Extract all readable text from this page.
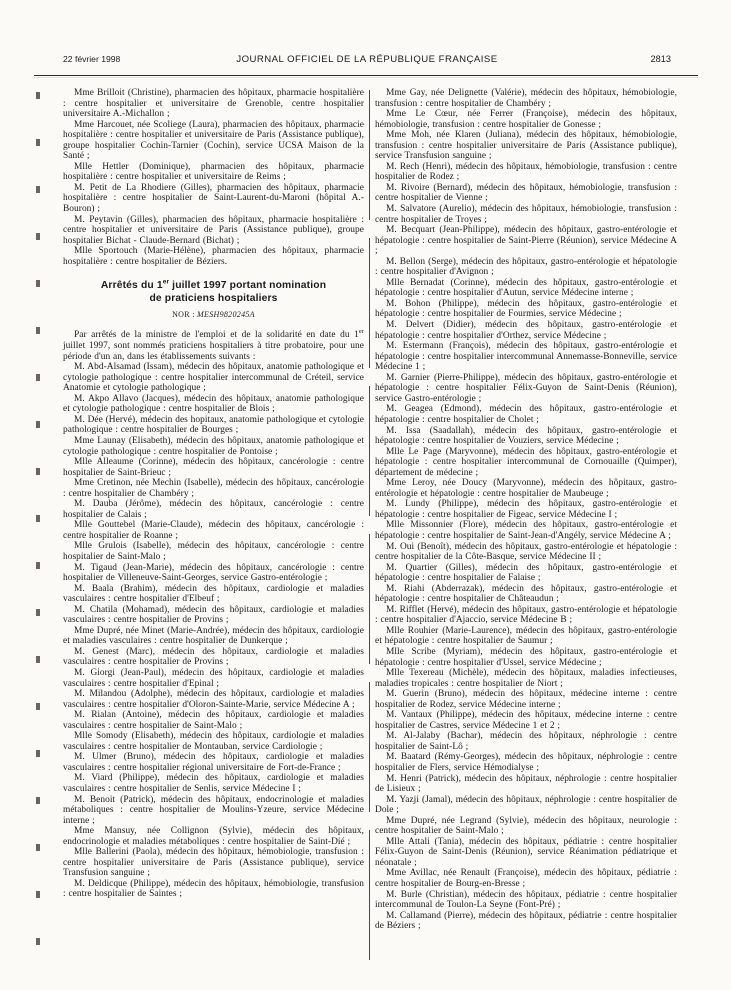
22 février 1998	JOURNAL OFFICIEL DE LA RÉPUBLIQUE FRANÇAISE	2813

Mme Brilloit (Christine), pharmacien des hôpitaux, pharmacie hospitalière : centre hospitalier et universitaire de Grenoble, centre hospitalier universitaire A.-Michallon ;

Mme Harcouet, née Scoliege (Laura), pharmacien des hôpitaux, pharmacie hospitalière : centre hospitalier et universitaire de Paris (Assistance publique), groupe hospitalier Cochin-Tarnier (Cochin), service UCSA Maison de la Santé ;

Mlle Hettler (Dominique), pharmacien des hôpitaux, pharmacie hospitalière : centre hospitalier et universitaire de Reims ;

M. Petit de La Rhodiere (Gilles), pharmacien des hôpitaux, pharmacie hospitalière : centre hospitalier de Saint-Laurent-du-Maroni (hôpital A.-Bouron) ;

M. Peytavin (Gilles), pharmacien des hôpitaux, pharmacie hospitalière : centre hospitalier et universitaire de Paris (Assistance publique), groupe hospitalier Bichat - Claude-Bernard (Bichat) ;

Mlle Sportouch (Marie-Hélène), pharmacien des hôpitaux, pharmacie hospitalière : centre hospitalier de Béziers.

Arrêtés du 1er juillet 1997 portant nomination
de praticiens hospitaliers

NOR : MESH9820245A

Par arrêtés de la ministre de l'emploi et de la solidarité en date du 1er juillet 1997, sont nommés praticiens hospitaliers à titre probatoire, pour une période d'un an, dans les établissements suivants :

M. Abd-Alsamad (Issam), médecin des hôpitaux, anatomie pathologique et cytologie pathologique : centre hospitalier intercommunal de Créteil, service Anatomie et cytologie pathologique ;

M. Akpo Allavo (Jacques), médecin des hôpitaux, anatomie pathologique et cytologie pathologique : centre hospitalier de Blois ;

M. Dée (Hervé), médecin des hopitaux, anatomie pathologique et cytologie pathologique : centre hospitalier de Bourges ;

Mme Launay (Elisabeth), médecin des hôpitaux, anatomie pathologique et cytologie pathologique : centre hospitalier de Pontoise ;

Mlle Alleaume (Corinne), médecin des hôpitaux, cancérologie : centre hospitalier de Saint-Brieuc ;

Mme Cretinon, née Mechin (Isabelle), médecin des hôpitaux, cancérologie : centre hospitalier de Chambéry ;

M. Dauba (Jérôme), médecin des hôpitaux, cancérologie : centre hospitalier de Calais ;

Mlle Gouttebel (Marie-Claude), médecin des hôpitaux, cancérologie : centre hospitalier de Roanne ;

Mlle Grulois (Isabelle), médecin des hôpitaux, cancérologie : centre hospitalier de Saint-Malo ;

M. Tigaud (Jean-Marie), médecin des hôpitaux, cancérologie : centre hospitalier de Villeneuve-Saint-Georges, service Gastro-entérologie ;

M. Baala (Brahim), médecin des hôpitaux, cardiologie et maladies vasculaires : centre hospitalier d'Elbeuf ;

M. Chatila (Mohamad), médecin des hôpitaux, cardiologie et maladies vasculaires : centre hospitalier de Provins ;

Mme Dupré, née Minet (Marie-Andrée), médecin des hôpitaux, cardiologie et maladies vasculaires : centre hospitalier de Dunkerque ;

M. Genest (Marc), médecin des hôpitaux, cardiologie et maladies vasculaires : centre hospitalier de Provins ;

M. Giorgi (Jean-Paul), médecin des hôpitaux, cardiologie et maladies vasculaires : centre hospitalier d'Epinal ;

M. Milandou (Adolphe), médecin des hôpitaux, cardiologie et maladies vasculaires : centre hospitalier d'Oloron-Sainte-Marie, service Médecine A ;

M. Rialan (Antoine), médecin des hôpitaux, cardiologie et maladies vasculaires : centre hospitalier de Saint-Malo ;

Mlle Somody (Elisabeth), médecin des hôpitaux, cardiologie et maladies vasculaires : centre hospitalier de Montauban, service Cardiologie ;

M. Ulmer (Bruno), médecin des hôpitaux, cardiologie et maladies vasculaires : centre hospitalier régional universitaire de Fort-de-France ;

M. Viard (Philippe), médecin des hôpitaux, cardiologie et maladies vasculaires : centre hospitalier de Senlis, service Médecine I ;

M. Benoit (Patrick), médecin des hôpitaux, endocrinologie et maladies métaboliques : centre hospitalier de Moulins-Yzeure, service Médecine interne ;

Mme Mansuy, née Collignon (Sylvie), médecin des hôpitaux, endocrinologie et maladies métaboliques : centre hospitalier de Saint-Dié ;

Mlle Ballerini (Paola), médecin des hôpitaux, hémobiologie, transfusion : centre hospitalier universitaire de Paris (Assistance publique), service Transfusion sanguine ;

M. Deldicque (Philippe), médecin des hôpitaux, hémobiologie, transfusion : centre hospitalier de Saintes ;

Mme Gay, née Delignette (Valérie), médecin des hôpitaux, hémobiologie, transfusion : centre hospitalier de Chambéry ;

Mme Le Cœur, née Ferrer (Françoise), médecin des hôpitaux, hémobiologie, transfusion : centre hospitalier de Gonesse ;

Mme Moh, née Klaren (Juliana), médecin des hôpitaux, hémobiologie, transfusion : centre hospitalier universitaire de Paris (Assistance publique), service Transfusion sanguine ;

M. Rech (Henri), médecin des hôpitaux, hémobiologie, transfusion : centre hospitalier de Rodez ;

M. Rivoire (Bernard), médecin des hôpitaux, hémobiologie, transfusion : centre hospitalier de Vienne ;

M. Salvatore (Aurelio), médecin des hôpitaux, hémobiologie, transfusion : centre hospitalier de Troyes ;

M. Becquart (Jean-Philippe), médecin des hôpitaux, gastro-entérologie et hépatologie : centre hospitalier de Saint-Pierre (Réunion), service Médecine A ;

M. Bellon (Serge), médecin des hôpitaux, gastro-entérologie et hépatologie : centre hospitalier d'Avignon ;

Mlle Bernadat (Corinne), médecin des hôpitaux, gastro-entérologie et hépatologie : centre hospitalier d'Autun, service Médecine interne ;

M. Bohon (Philippe), médecin des hôpitaux, gastro-entérologie et hépatologie : centre hospitalier de Fourmies, service Médecine ;

M. Delvert (Didier), médecin des hôpitaux, gastro-entérologie et hépatologie : centre hospitalier d'Orthez, service Médecine ;

M. Estermann (François), médecin des hôpitaux, gastro-entérologie et hépatologie : centre hospitalier intercommunal Annemasse-Bonneville, service Médecine 1 ;

M. Garnier (Pierre-Philippe), médecin des hôpitaux, gastro-entérologie et hépatologie : centre hospitalier Félix-Guyon de Saint-Denis (Réunion), service Gastro-entérologie ;

M. Geagea (Edmond), médecin des hôpitaux, gastro-entérologie et hépatologie : centre hospitalier de Cholet ;

M. Issa (Saadallah), médecin des hôpitaux, gastro-entérologie et hépatologie : centre hospitalier de Vouziers, service Médecine ;

Mlle Le Page (Maryvonne), médecin des hôpitaux, gastro-entérologie et hépatologie : centre hospitalier intercommunal de Cornouaille (Quimper), département de médecine ;

Mme Leroy, née Doucy (Maryvonne), médecin des hôpitaux, gastro-entérologie et hépatologie : centre hospitalier de Maubeuge ;

M. Lundy (Philippe), médecin des hôpitaux, gastro-entérologie et hépatologie : centre hospitalier de Figeac, service Médecine I ;

Mlle Missonnier (Flore), médecin des hôpitaux, gastro-entérologie et hépatologie : centre hospitalier de Saint-Jean-d'Angély, service Médecine A ;

M. Oui (Benoît), médecin des hôpitaux, gastro-entérologie et hépatologie : centre hospitalier de la Côte-Basque, service Médecine II ;

M. Quartier (Gilles), médecin des hôpitaux, gastro-entérologie et hépatologie : centre hospitalier de Falaise ;

M. Riahi (Abderrazak), médecin des hôpitaux, gastro-entérologie et hépatologie : centre hospitalier de Châteaudun ;

M. Rifflet (Hervé), médecin des hôpitaux, gastro-entérologie et hépatologie : centre hospitalier d'Ajaccio, service Médecine B ;

Mlle Rouhier (Marie-Laurence), médecin des hôpitaux, gastro-entérologie et hépatologie : centre hospitalier de Saumur ;

Mlle Scribe (Myriam), médecin des hôpitaux, gastro-entérologie et hépatologie : centre hospitalier d'Ussel, service Médecine ;

Mlle Texereau (Michèle), médecin des hôpitaux, maladies infectieuses, maladies tropicales : centre hospitalier de Niort ;

M. Guerin (Bruno), médecin des hôpitaux, médecine interne : centre hospitalier de Rodez, service Médecine interne ;

M. Vantaux (Philippe), médecin des hôpitaux, médecine interne : centre hospitalier de Castres, service Médecine 1 et 2 ;

M. Al-Jalaby (Bachar), médecin des hôpitaux, néphrologie : centre hospitalier de Saint-Lô ;

M. Baatard (Rémy-Georges), médecin des hôpitaux, néphrologie : centre hospitalier de Flers, service Hémodialyse ;

M. Henri (Patrick), médecin des hôpitaux, néphrologie : centre hospitalier de Lisieux ;

M. Yazji (Jamal), médecin des hôpitaux, néphrologie : centre hospitalier de Dole ;

Mme Dupré, née Legrand (Sylvie), médecin des hôpitaux, neurologie : centre hospitalier de Saint-Malo ;

Mlle Attali (Tania), médecin des hôpitaux, pédiatrie : centre hospitalier Félix-Guyon de Saint-Denis (Réunion), service Réanimation pédiatrique et néonatale ;

Mme Avillac, née Renault (Françoise), médecin des hôpitaux, pédiatrie : centre hospitalier de Bourg-en-Bresse ;

M. Burle (Christian), médecin des hôpitaux, pédiatrie : centre hospitalier intercommunal de Toulon-La Seyne (Font-Pré) ;

M. Callamand (Pierre), médecin des hôpitaux, pédiatrie : centre hospitalier de Béziers ;
